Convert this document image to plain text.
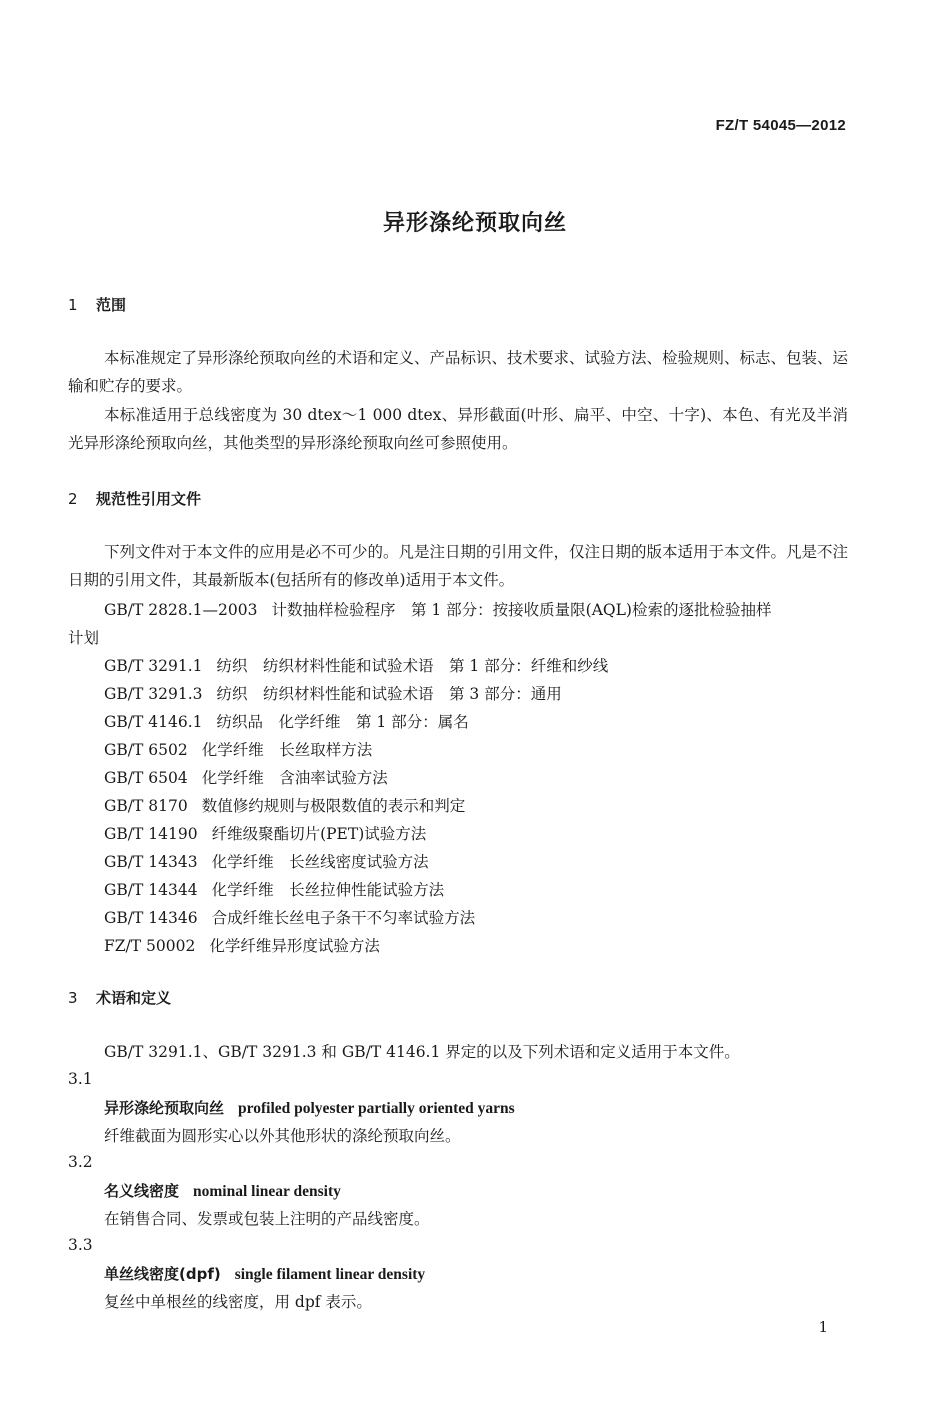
FZ/T 54045—2012
异形涤纶预取向丝
1 范围
本标准规定了异形涤纶预取向丝的术语和定义、产品标识、技术要求、试验方法、检验规则、标志、包装、运输和贮存的要求。
本标准适用于总线密度为 30 dtex～1 000 dtex、异形截面(叶形、扁平、中空、十字)、本色、有光及半消光异形涤纶预取向丝，其他类型的异形涤纶预取向丝可参照使用。
2 规范性引用文件
下列文件对于本文件的应用是必不可少的。凡是注日期的引用文件，仅注日期的版本适用于本文件。凡是不注日期的引用文件，其最新版本(包括所有的修改单)适用于本文件。
GB/T 2828.1—2003 计数抽样检验程序　第 1 部分：按接收质量限(AQL)检索的逐批检验抽样
计划
GB/T 3291.1 纺织　纺织材料性能和试验术语　第 1 部分：纤维和纱线
GB/T 3291.3 纺织　纺织材料性能和试验术语　第 3 部分：通用
GB/T 4146.1 纺织品　化学纤维　第 1 部分：属名
GB/T 6502 化学纤维　长丝取样方法
GB/T 6504 化学纤维　含油率试验方法
GB/T 8170 数值修约规则与极限数值的表示和判定
GB/T 14190 纤维级聚酯切片(PET)试验方法
GB/T 14343 化学纤维　长丝线密度试验方法
GB/T 14344 化学纤维　长丝拉伸性能试验方法
GB/T 14346 合成纤维长丝电子条干不匀率试验方法
FZ/T 50002 化学纤维异形度试验方法
3 术语和定义
GB/T 3291.1、GB/T 3291.3 和 GB/T 4146.1 界定的以及下列术语和定义适用于本文件。
3.1
异形涤纶预取向丝 profiled polyester partially oriented yarns
纤维截面为圆形实心以外其他形状的涤纶预取向丝。
3.2
名义线密度 nominal linear density
在销售合同、发票或包装上注明的产品线密度。
3.3
单丝线密度(dpf) single filament linear density
复丝中单根丝的线密度，用 dpf 表示。
1
